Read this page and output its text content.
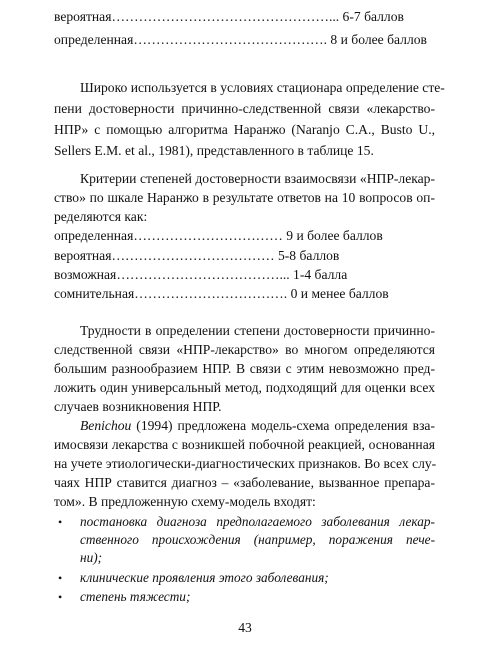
вероятная…………………………………………... 6-7 баллов
определенная……………………………………. 8 и более баллов
Широко используется в условиях стационара определение сте-
пени достоверности причинно-следственной связи «лекарство-
НПР» с помощью алгоритма Наранжо (Naranjo C.A., Busto U.,
Sellers E.M. et al., 1981), представленного в таблице 15.
Критерии степеней достоверности взаимосвязи «НПР-лекар-
ство» по шкале Наранжо в результате ответов на 10 вопросов оп-
ределяются как:
определенная…………………………… 9 и более баллов
вероятная……………………………… 5-8 баллов
возможная………………………………... 1-4 балла
сомнительная……………………………. 0 и менее баллов
Трудности в определении степени достоверности причинно-
следственной связи «НПР-лекарство» во многом определяются
большим разнообразием НПР. В связи с этим невозможно пред-
ложить один универсальный метод, подходящий для оценки всех
случаев возникновения НПР.
Benichou (1994) предложена модель-схема определения вза-
имосвязи лекарства с возникшей побочной реакцией, основанная
на учете этиологически-диагностических признаков. Во всех слу-
чаях НПР ставится диагноз – «заболевание, вызванное препара-
том». В предложенную схему-модель входят:
• постановка диагноза предполагаемого заболевания лекар-
ственного происхождения (например, поражения пече-
ни);
• клинические проявления этого заболевания;
• степень тяжести;
43
